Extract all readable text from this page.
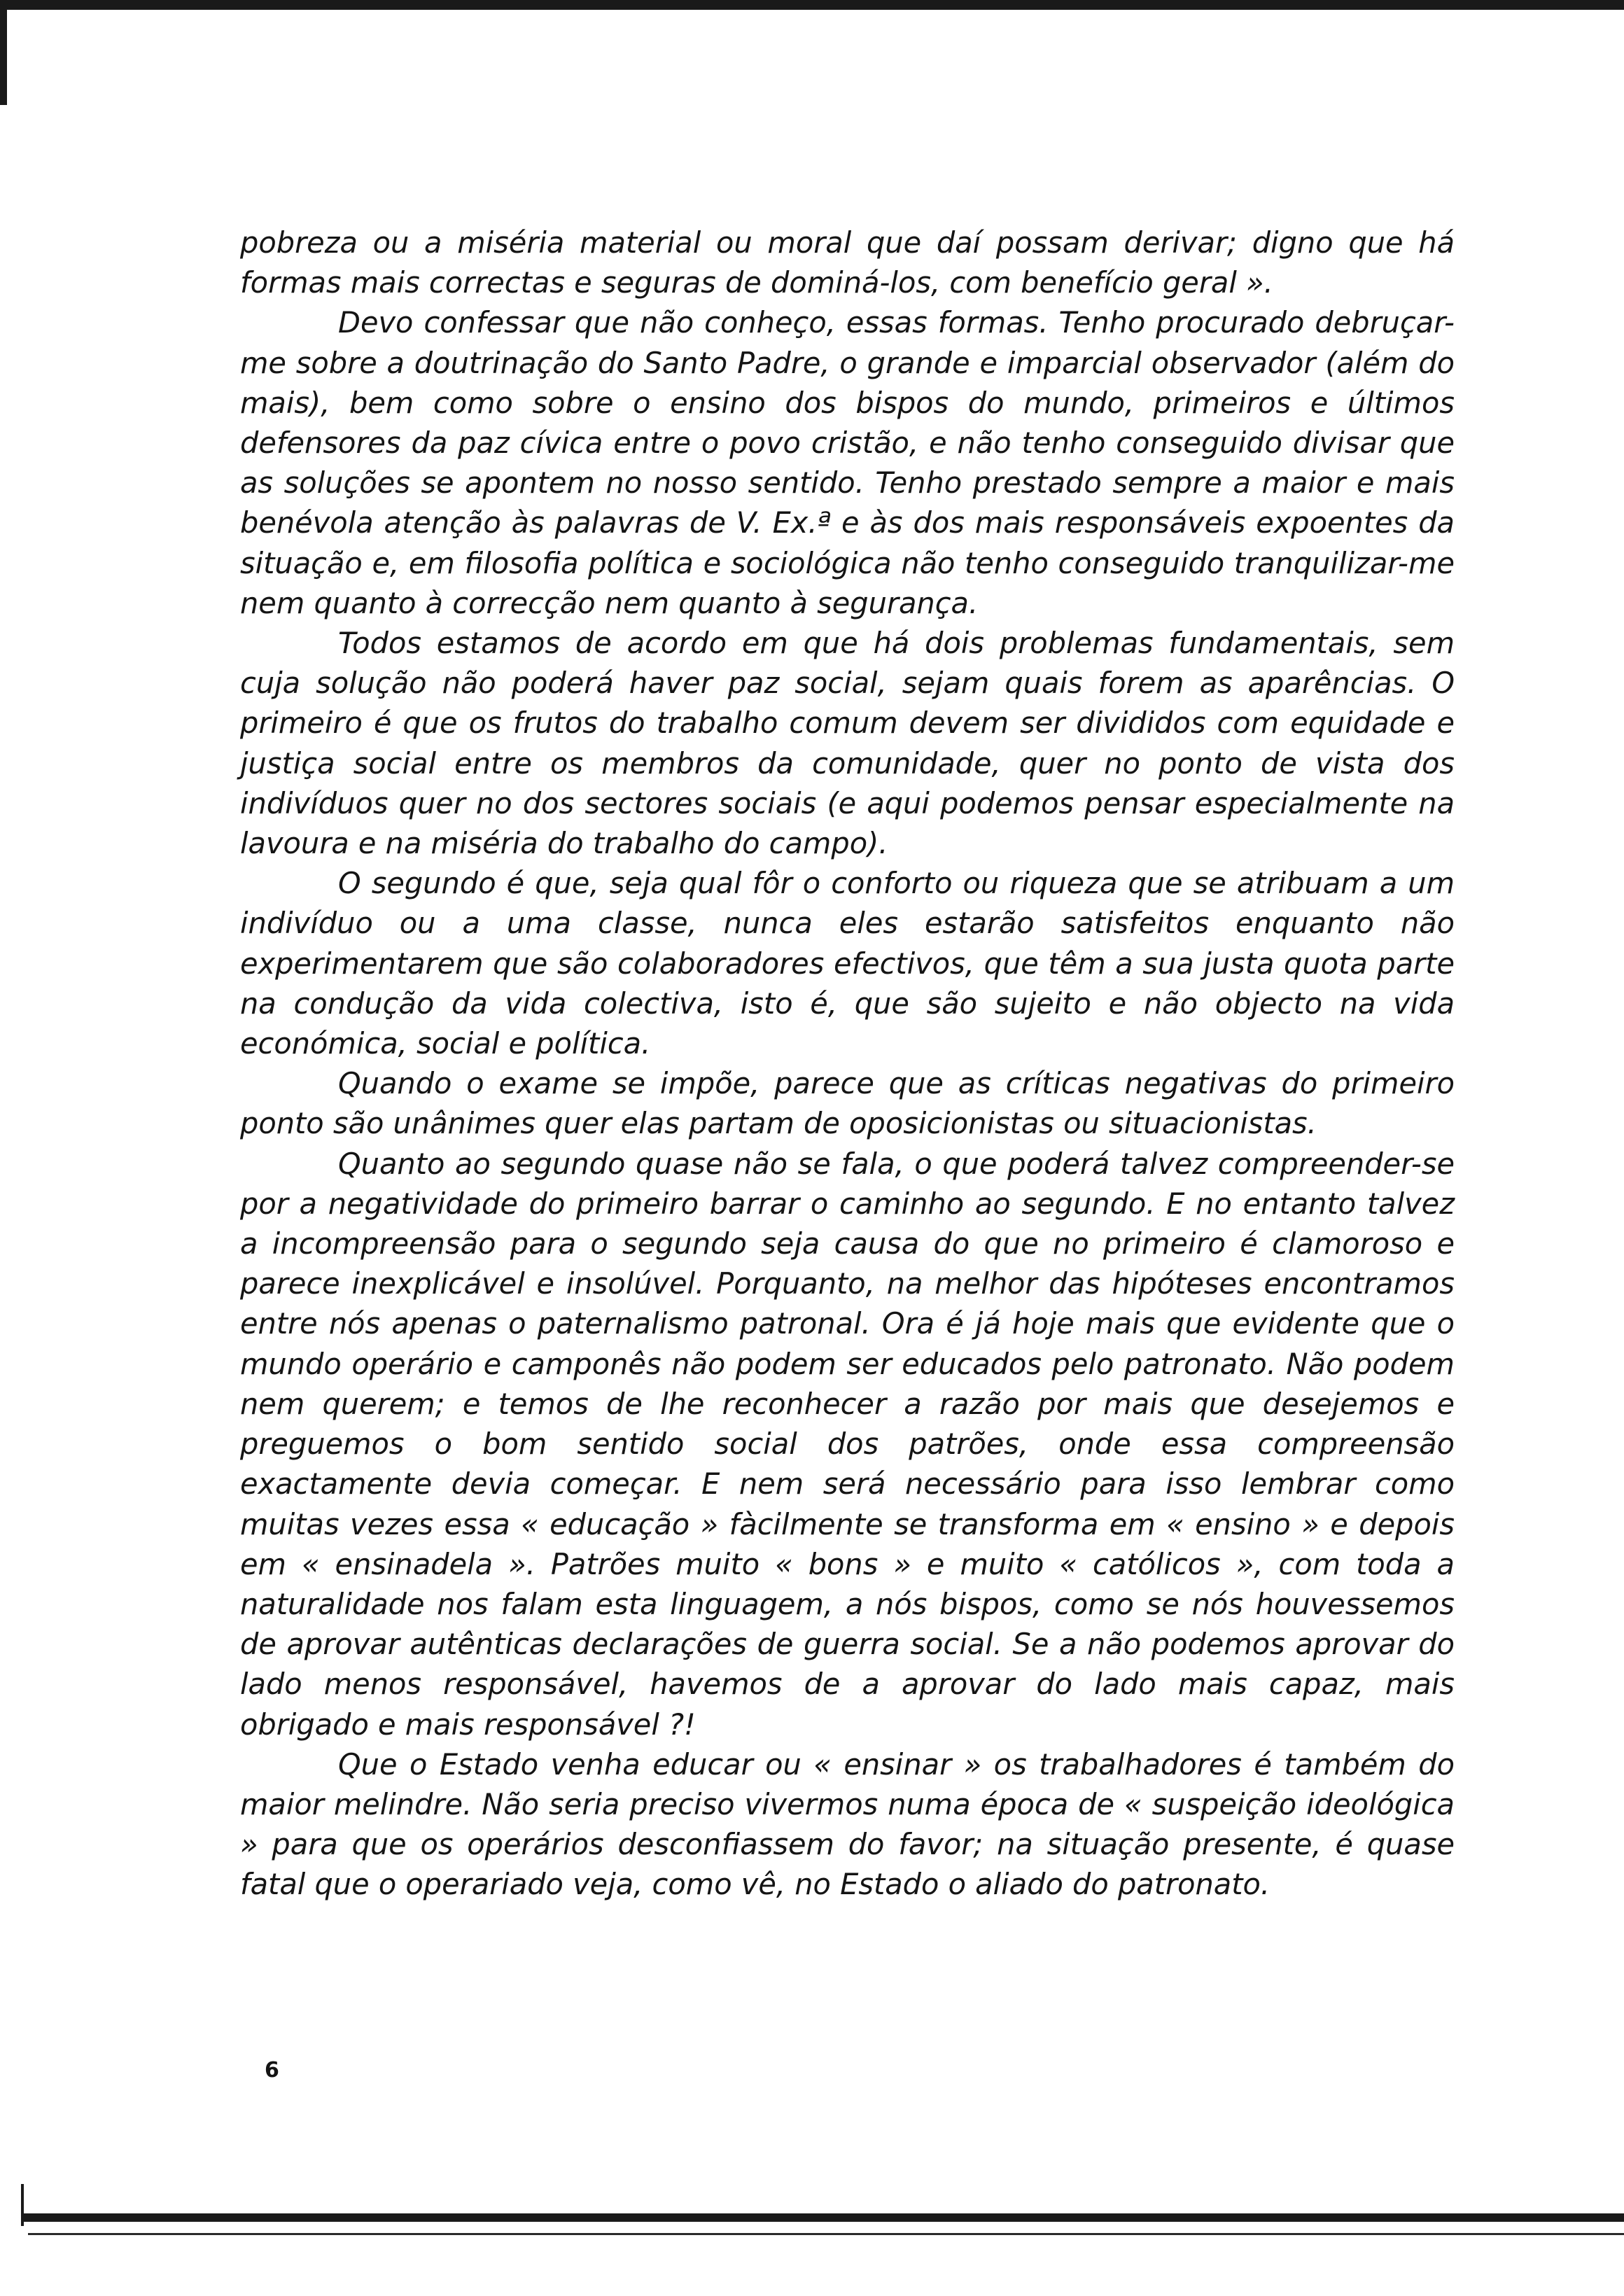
pobreza ou a miséria material ou moral que daí possam derivar; digno que há formas mais correctas e seguras de dominá-los, com benefício geral ».

Devo confessar que não conheço, essas formas. Tenho procurado debruçar-me sobre a doutrinação do Santo Padre, o grande e imparcial observador (além do mais), bem como sobre o ensino dos bispos do mundo, primeiros e últimos defensores da paz cívica entre o povo cristão, e não tenho conseguido divisar que as soluções se apontem no nosso sentido. Tenho prestado sempre a maior e mais benévola atenção às palavras de V. Ex.ª e às dos mais responsáveis expoentes da situação e, em filosofia política e sociológica não tenho conseguido tranquilizar-me nem quanto à correcção nem quanto à segurança.

Todos estamos de acordo em que há dois problemas fundamentais, sem cuja solução não poderá haver paz social, sejam quais forem as aparências. O primeiro é que os frutos do trabalho comum devem ser divididos com equidade e justiça social entre os membros da comunidade, quer no ponto de vista dos indivíduos quer no dos sectores sociais (e aqui podemos pensar especialmente na lavoura e na miséria do trabalho do campo).

O segundo é que, seja qual fôr o conforto ou riqueza que se atribuam a um indivíduo ou a uma classe, nunca eles estarão satisfeitos enquanto não experimentarem que são colaboradores efectivos, que têm a sua justa quota parte na condução da vida colectiva, isto é, que são sujeito e não objecto na vida económica, social e política.

Quando o exame se impõe, parece que as críticas negativas do primeiro ponto são unânimes quer elas partam de oposicionistas ou situacionistas.

Quanto ao segundo quase não se fala, o que poderá talvez compreender-se por a negatividade do primeiro barrar o caminho ao segundo. E no entanto talvez a incompreensão para o segundo seja causa do que no primeiro é clamoroso e parece inexplicável e insolúvel. Porquanto, na melhor das hipóteses encontramos entre nós apenas o paternalismo patronal. Ora é já hoje mais que evidente que o mundo operário e camponês não podem ser educados pelo patronato. Não podem nem querem; e temos de lhe reconhecer a razão por mais que desejemos e preguemos o bom sentido social dos patrões, onde essa compreensão exactamente devia começar. E nem será necessário para isso lembrar como muitas vezes essa « educação » fàcilmente se transforma em « ensino » e depois em « ensinadela ». Patrões muito « bons » e muito « católicos », com toda a naturalidade nos falam esta linguagem, a nós bispos, como se nós houvessemos de aprovar autênticas declarações de guerra social. Se a não podemos aprovar do lado menos responsável, havemos de a aprovar do lado mais capaz, mais obrigado e mais responsável ?!

Que o Estado venha educar ou « ensinar » os trabalhadores é também do maior melindre. Não seria preciso vivermos numa época de « suspeição ideológica » para que os operários desconfiassem do favor; na situação presente, é quase fatal que o operariado veja, como vê, no Estado o aliado do patronato.

6
